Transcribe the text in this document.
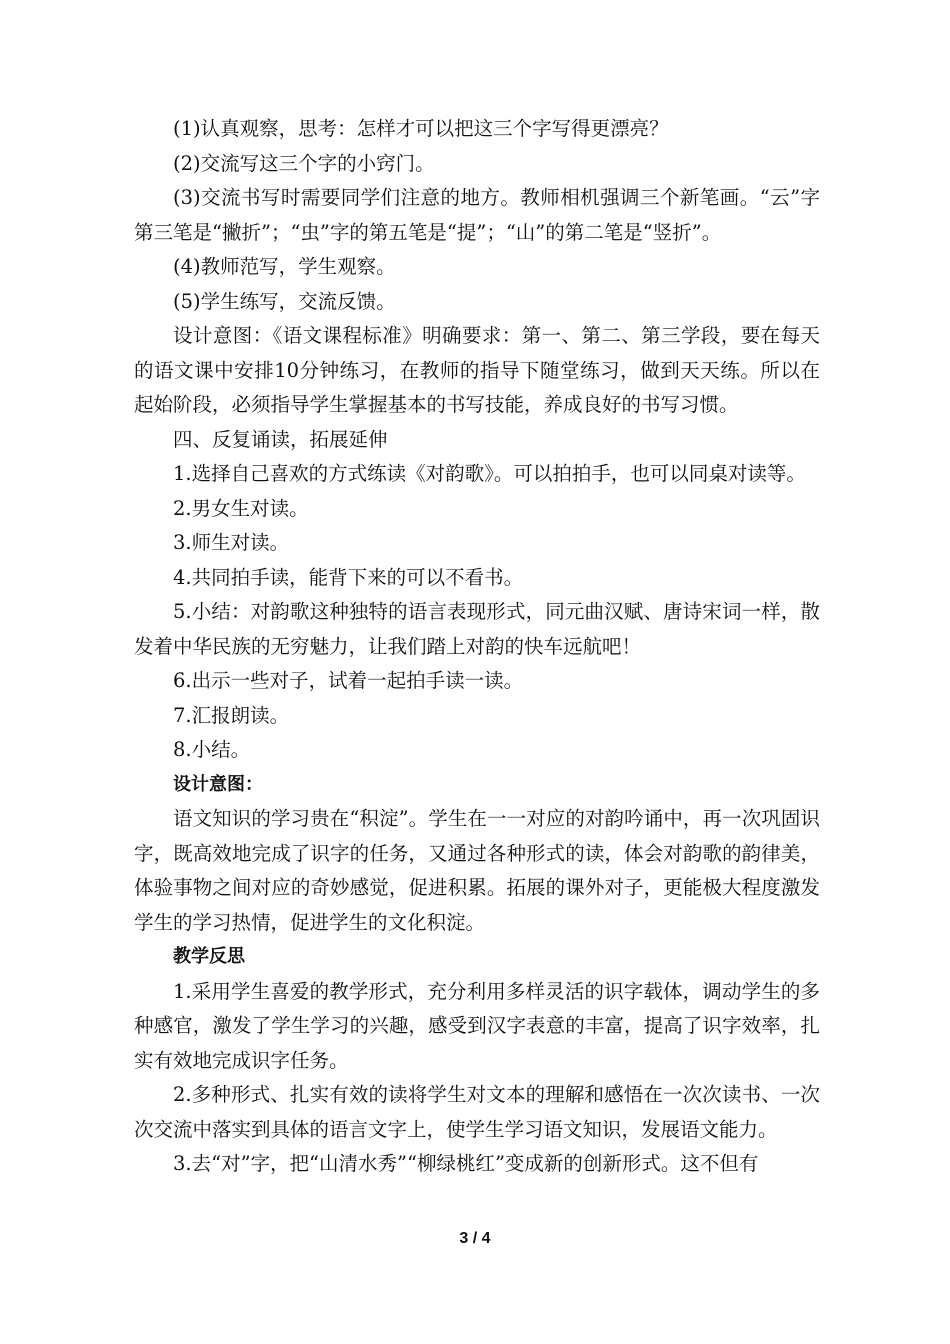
(1)认真观察，思考：怎样才可以把这三个字写得更漂亮？

(2)交流写这三个字的小窍门。

(3)交流书写时需要同学们注意的地方。教师相机强调三个新笔画。“云”字第三笔是“撇折”；“虫”字的第五笔是“提”；“山”的第二笔是“竖折”。

(4)教师范写，学生观察。

(5)学生练写，交流反馈。

设计意图：《语文课程标准》明确要求：第一、第二、第三学段，要在每天的语文课中安排10分钟练习，在教师的指导下随堂练习，做到天天练。所以在起始阶段，必须指导学生掌握基本的书写技能，养成良好的书写习惯。

四、反复诵读，拓展延伸

1.选择自己喜欢的方式练读《对韵歌》。可以拍拍手，也可以同桌对读等。

2.男女生对读。

3.师生对读。

4.共同拍手读，能背下来的可以不看书。

5.小结：对韵歌这种独特的语言表现形式，同元曲汉赋、唐诗宋词一样，散发着中华民族的无穷魅力，让我们踏上对韵的快车远航吧！

6.出示一些对子，试着一起拍手读一读。

7.汇报朗读。

8.小结。

设计意图：

语文知识的学习贵在“积淀”。学生在一一对应的对韵吟诵中，再一次巩固识字，既高效地完成了识字的任务，又通过各种形式的读，体会对韵歌的韵律美，体验事物之间对应的奇妙感觉，促进积累。拓展的课外对子，更能极大程度激发学生的学习热情，促进学生的文化积淀。

教学反思

1.采用学生喜爱的教学形式，充分利用多样灵活的识字载体，调动学生的多种感官，激发了学生学习的兴趣，感受到汉字表意的丰富，提高了识字效率，扎实有效地完成识字任务。

2.多种形式、扎实有效的读将学生对文本的理解和感悟在一次次读书、一次次交流中落实到具体的语言文字上，使学生学习语文知识，发展语文能力。

3.去“对”字，把“山清水秀”“柳绿桃红”变成新的创新形式。这不但有

3 / 4
